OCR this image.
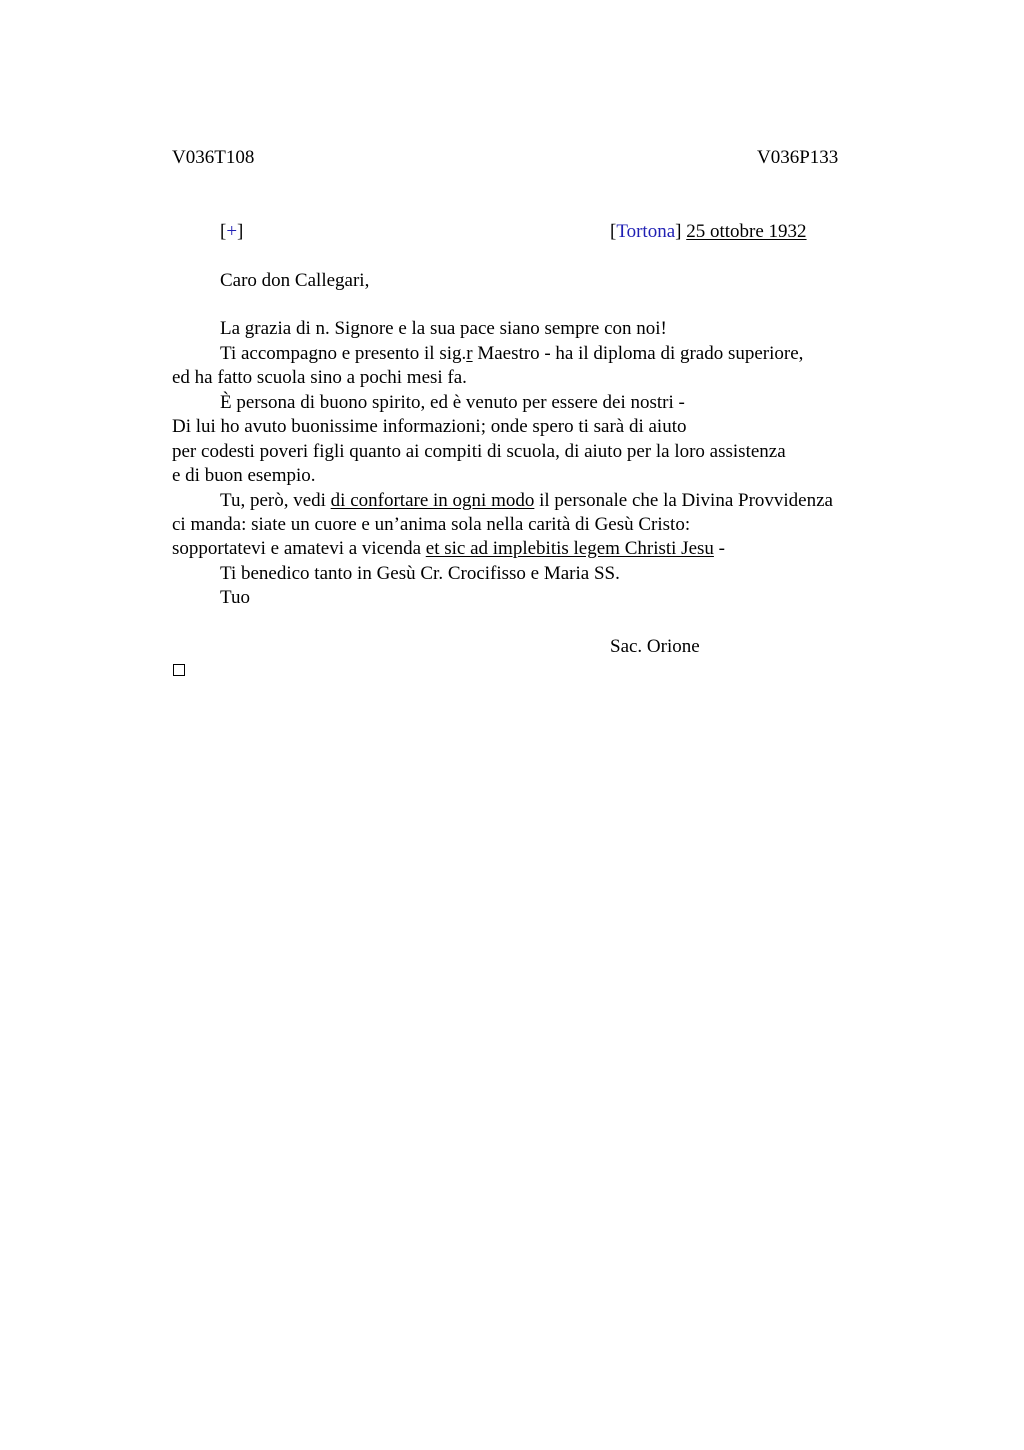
V036T108	V036P133
[+]	[Tortona] 25 ottobre 1932
Caro don Callegari,
La grazia di n. Signore e la sua pace siano sempre con noi!
Ti accompagno e presento il sig.r Maestro - ha il diploma di grado superiore,
ed ha fatto scuola sino a pochi mesi fa.
È persona di buono spirito, ed è venuto per essere dei nostri -
Di lui ho avuto buonissime informazioni; onde spero ti sarà di aiuto
per codesti poveri figli quanto ai compiti di scuola, di aiuto per la loro assistenza
e di buon esempio.
Tu, però, vedi di confortare in ogni modo il personale che la Divina Provvidenza
ci manda: siate un cuore e un’anima sola nella carità di Gesù Cristo:
sopportatevi e amatevi a vicenda et sic ad implebitis legem Christi Jesu -
Ti benedico tanto in Gesù Cr. Crocifisso e Maria SS.
Tuo
Sac. Orione
